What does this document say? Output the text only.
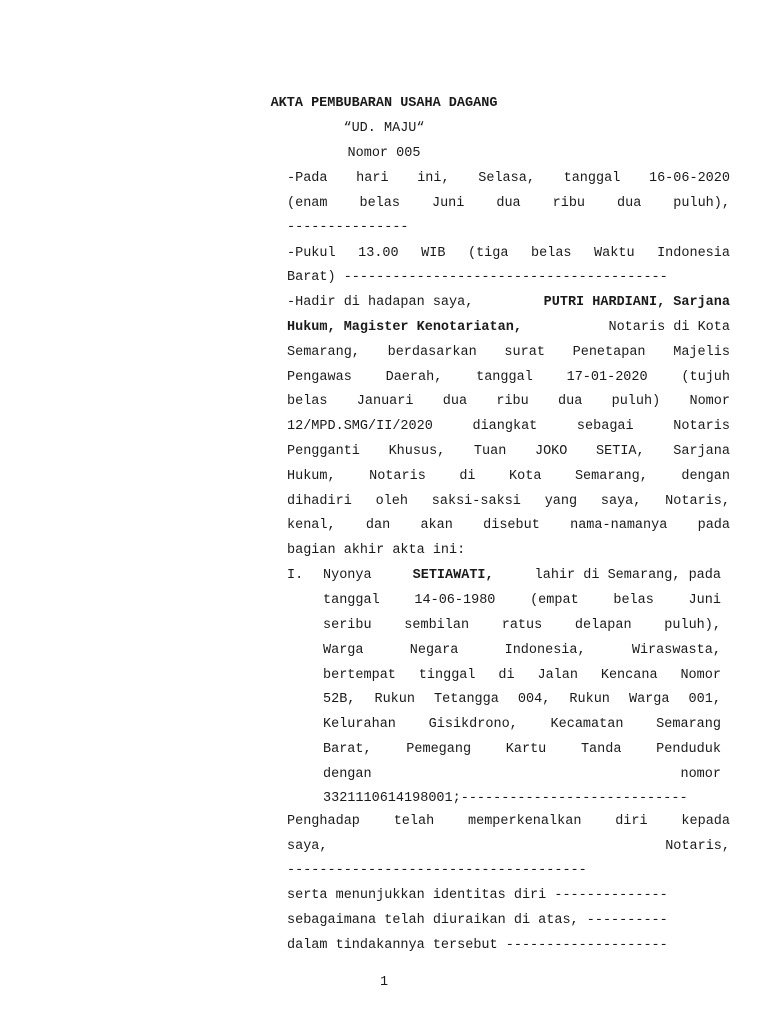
AKTA PEMBUBARAN USAHA DAGANG
“UD. MAJU“
Nomor 005
-Pada hari ini, Selasa, tanggal 16-06-2020
(enam belas Juni dua ribu dua puluh),
---------------
-Pukul 13.00 WIB (tiga belas Waktu Indonesia
Barat) ----------------------------------------
-Hadir di hadapan saya,	PUTRI HARDIANI, Sarjana
Hukum, Magister Kenotariatan,	Notaris di Kota
Semarang, berdasarkan surat Penetapan Majelis
Pengawas	Daerah,	tanggal	17-01-2020	(tujuh
belas Januari dua ribu dua puluh) Nomor
12/MPD.SMG/II/2020	diangkat	sebagai	Notaris
Pengganti Khusus, Tuan JOKO SETIA, Sarjana
Hukum, Notaris di Kota Semarang, dengan
dihadiri oleh saksi-saksi yang saya, Notaris,
kenal, dan akan disebut nama-namanya pada
bagian akhir akta ini:
I. Nyonya	SETIAWATI,	lahir di Semarang, pada
tanggal	14-06-1980	(empat	belas	Juni
seribu sembilan ratus delapan puluh),
Warga	Negara	Indonesia,	Wiraswasta,
bertempat tinggal di Jalan Kencana Nomor
52B, Rukun Tetangga 004, Rukun Warga 001,
Kelurahan Gisikdrono, Kecamatan Semarang
Barat,	Pemegang	Kartu	Tanda	Penduduk
dengan	nomor
3321110614198001;----------------------------
Penghadap	telah	memperkenalkan	diri	kepada
saya,	Notaris,
-------------------------------------
serta menunjukkan identitas diri --------------
sebagaimana telah diuraikan di atas, ----------
dalam tindakannya tersebut --------------------
1
